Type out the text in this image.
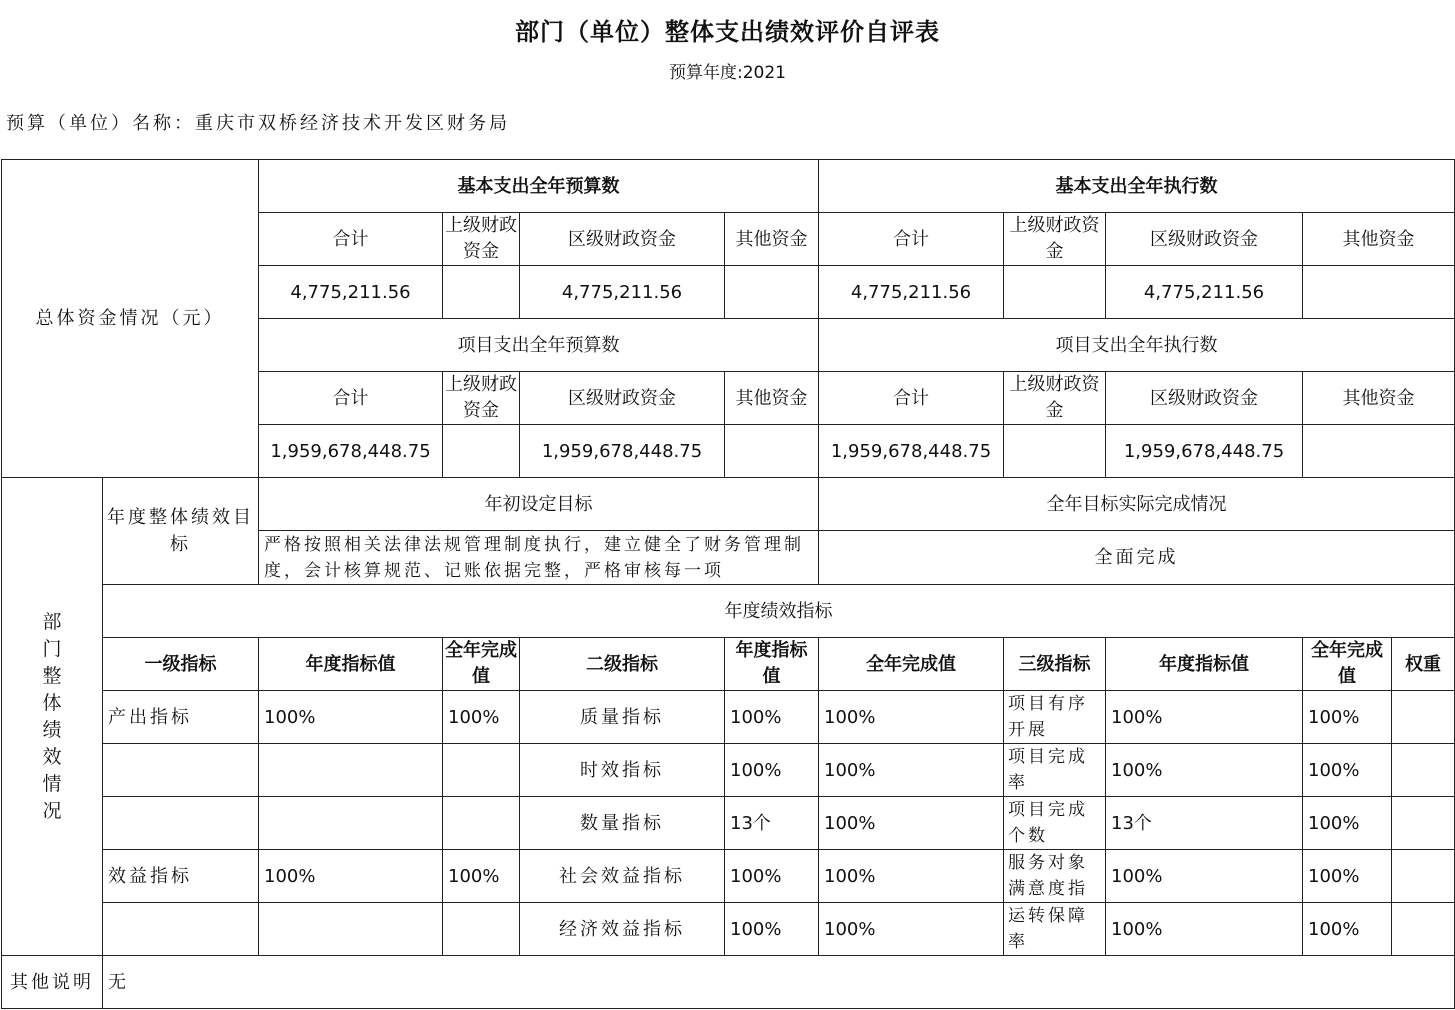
部门（单位）整体支出绩效评价自评表
预算年度:2021
预算（单位）名称：重庆市双桥经济技术开发区财务局
总体资金情况（元）		基本支出全年预算数				基本支出全年执行数				
		合计	上级财政资金	区级财政资金	其他资金	合计	上级财政资金	区级财政资金	其他资金	
		4,775,211.56		4,775,211.56		4,775,211.56		4,775,211.56		
		项目支出全年预算数				项目支出全年执行数				
		合计	上级财政资金	区级财政资金	其他资金	合计	上级财政资金	区级财政资金	其他资金	
		1,959,678,448.75		1,959,678,448.75		1,959,678,448.75		1,959,678,448.75		
部门整体绩效情况	年度整体绩效目标	年初设定目标				全年目标实际完成情况				
		严格按照相关法律法规管理制度执行，建立健全了财务管理制度，会计核算规范、记账依据完整，严格审核每一项				全面完成				
	年度绩效指标									
	一级指标	年度指标值	全年完成值	二级指标	年度指标值	全年完成值	三级指标	年度指标值	全年完成值	权重
	产出指标	100%	100%	质量指标	100%	100%	项目有序开展	100%	100%	
				时效指标	100%	100%	项目完成率	100%	100%	
				数量指标	13个	100%	项目完成个数	13个	100%	
	效益指标	100%	100%	社会效益指标	100%	100%	服务对象满意度指	100%	100%	
				经济效益指标	100%	100%	运转保障率	100%	100%	
其他说明	无									
